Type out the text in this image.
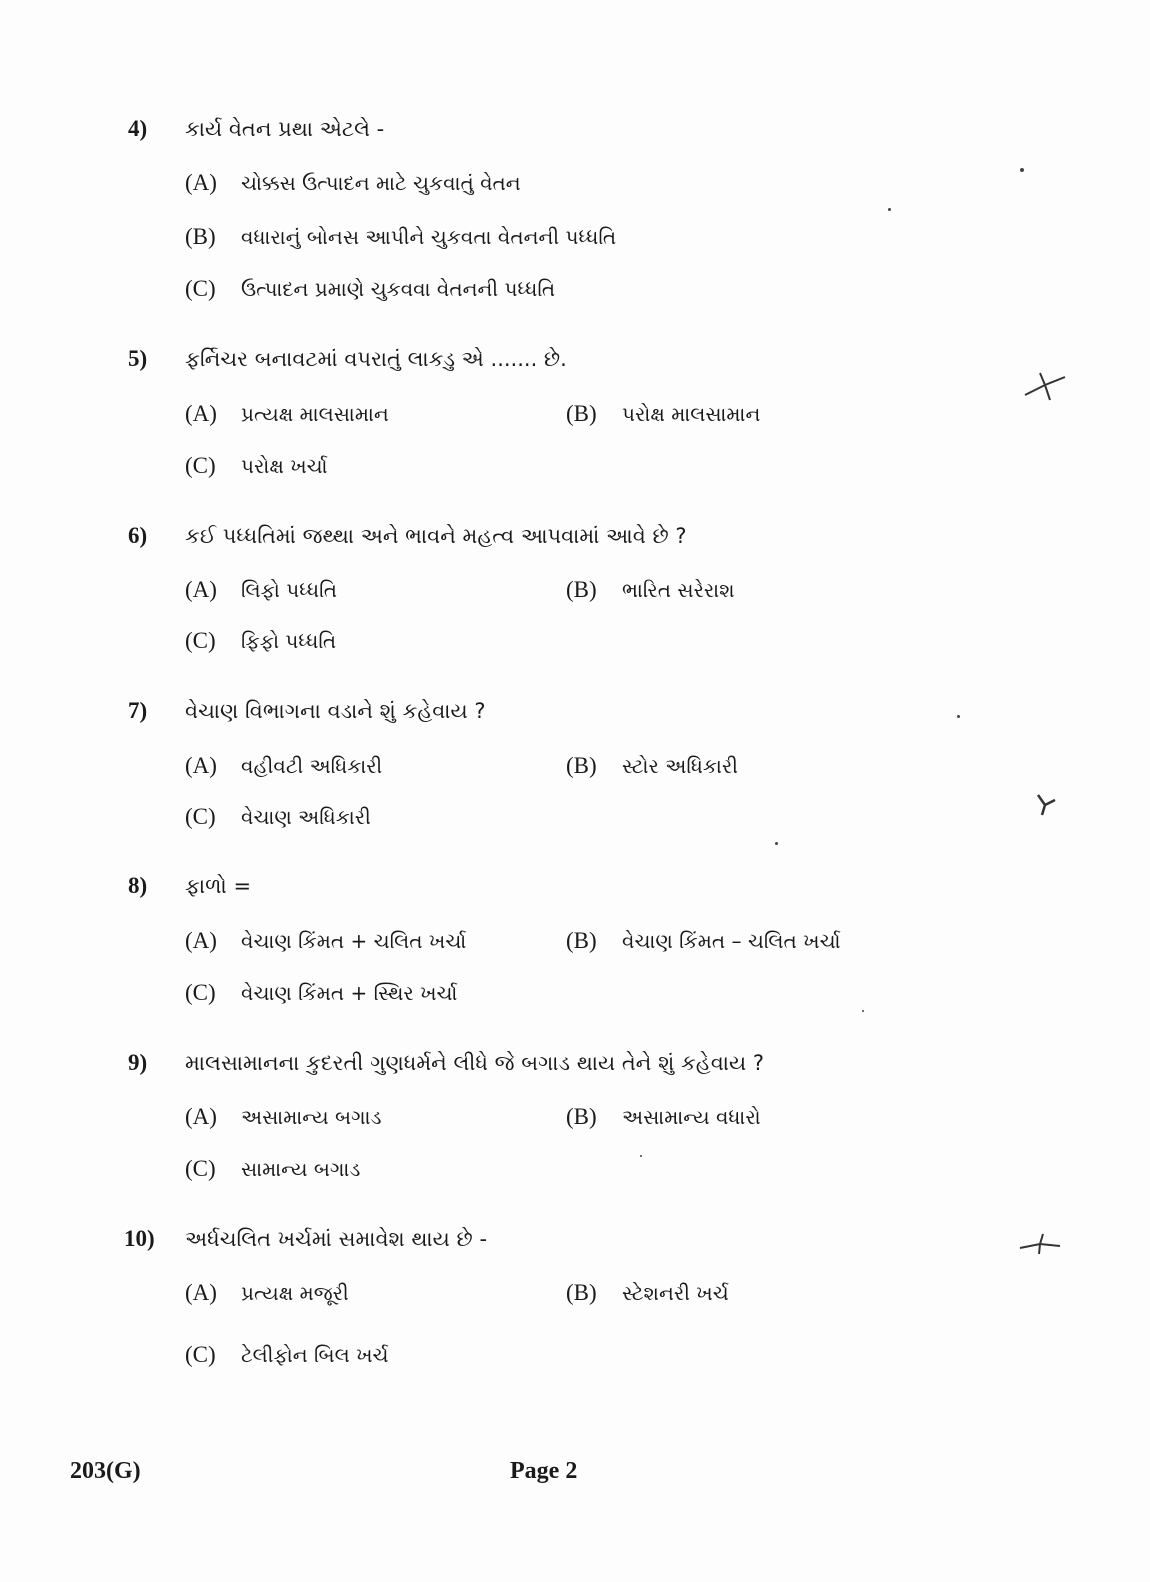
4) કાર્ય વેતન પ્રથા એટલે -
(A) ચોક્કસ ઉત્પાદન માટે ચુકવાતું વેતન
(B) વધારાનું બોનસ આપીને ચુકવતા વેતનની પધ્ધતિ
(C) ઉત્પાદન પ્રમાણે ચુકવવા વેતનની પધ્ધતિ
5) ફર્નિચર બનાવટમાં વપરાતું લાકડુ એ ....... છે.
(A) પ્રત્યક્ષ માલસામાન	(B) પરોક્ષ માલસામાન
(C) પરોક્ષ ખર્ચા
6) કઈ પધ્ધતિમાં જથ્થા અને ભાવને મહત્વ આપવામાં આવે છે ?
(A) લિફો પધ્ધતિ	(B) ભારિત સરેરાશ
(C) ફિફો પધ્ધતિ
7) વેચાણ વિભાગના વડાને શું કહેવાય ?
(A) વહીવટી અધિકારી	(B) સ્ટોર અધિકારી
(C) વેચાણ અધિકારી
8) ફાળો =
(A) વેચાણ કિંમત + ચલિત ખર્ચા	(B) વેચાણ કિંમત – ચલિત ખર્ચા
(C) વેચાણ કિંમત + સ્થિર ખર્ચા
9) માલસામાનના કુદરતી ગુણધર્મને લીધે જે બગાડ થાય તેને શું કહેવાય ?
(A) અસામાન્ય બગાડ	(B) અસામાન્ય વધારો
(C) સામાન્ય બગાડ
10) અર્ધચલિત ખર્ચમાં સમાવેશ થાય છે -
(A) પ્રત્યક્ષ મજૂરી	(B) સ્ટેશનરી ખર્ચ
(C) ટેલીફોન બિલ ખર્ચ
203(G)	Page 2
